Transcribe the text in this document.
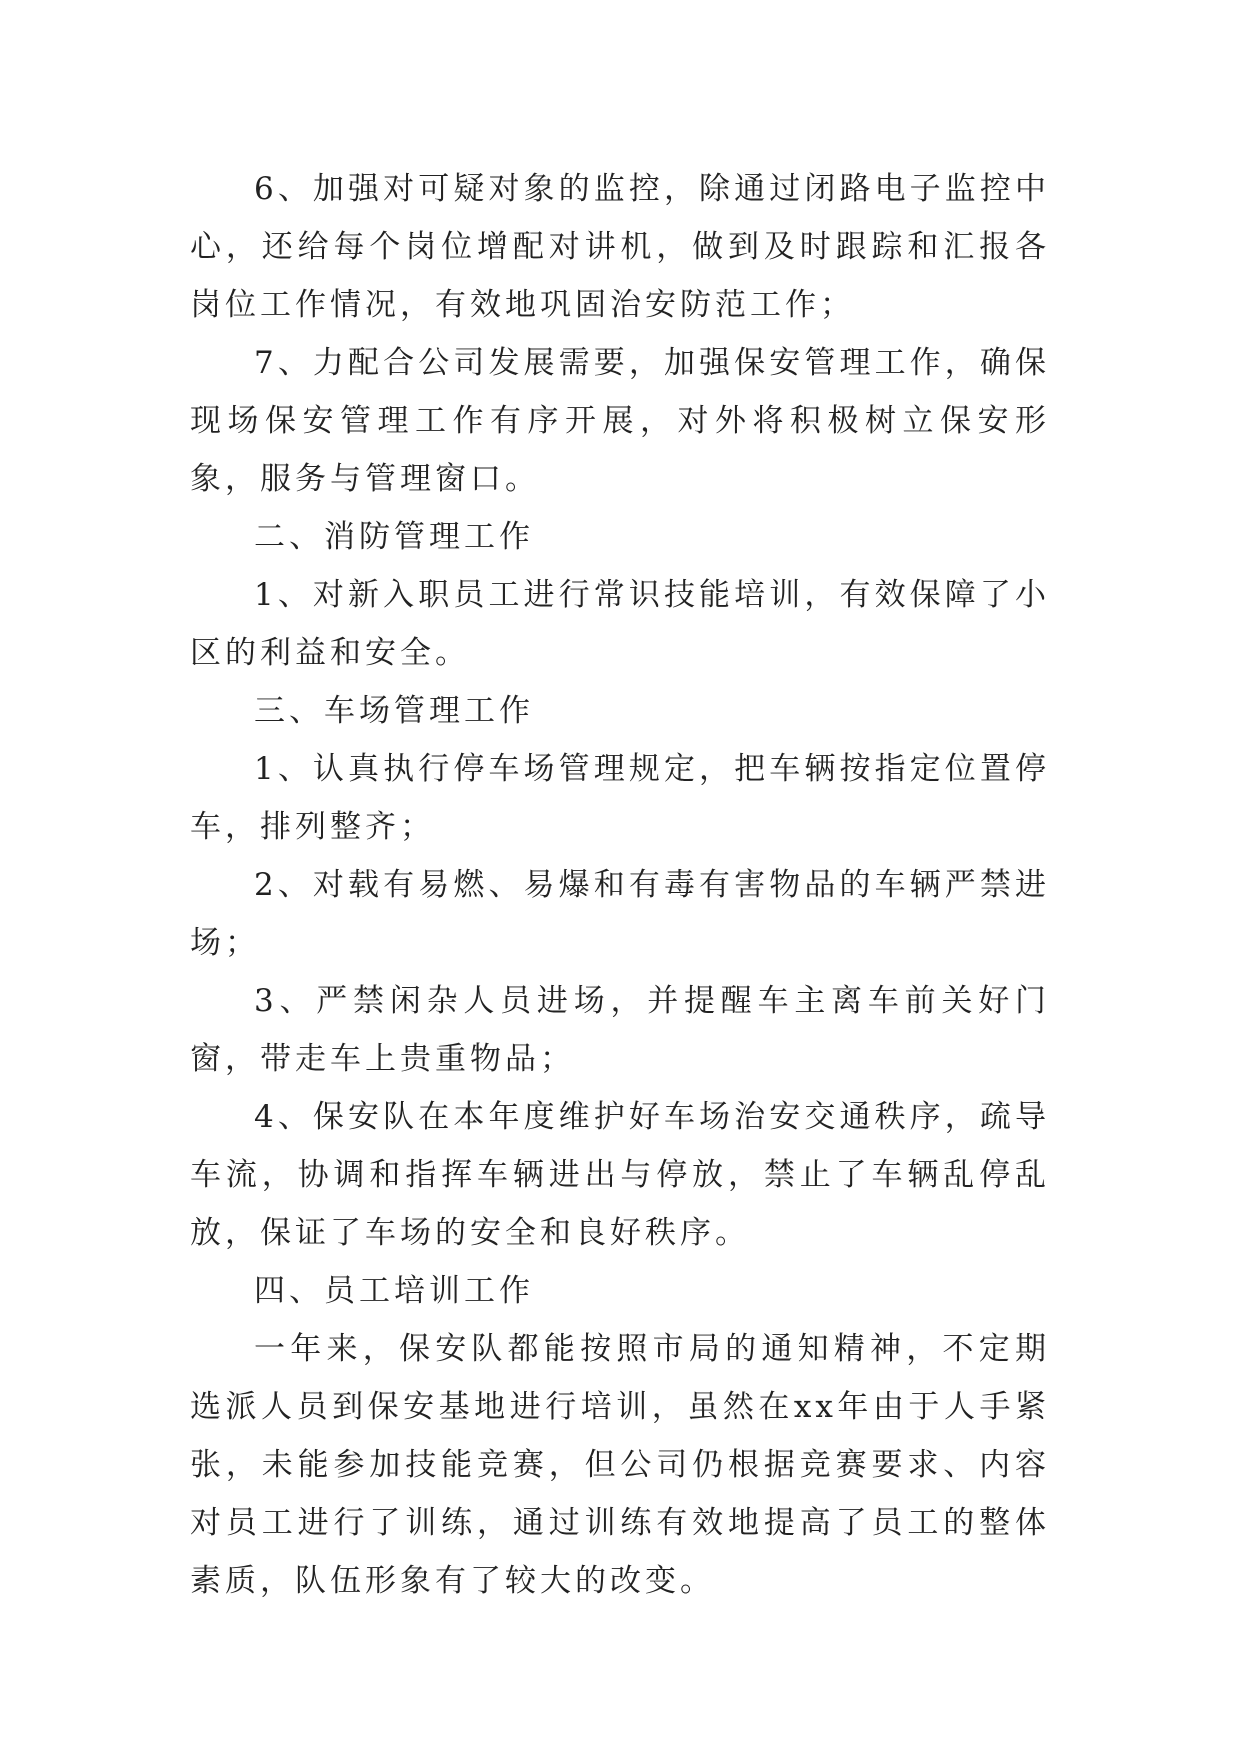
6、加强对可疑对象的监控，除通过闭路电子监控中心，还给每个岗位增配对讲机，做到及时跟踪和汇报各岗位工作情况，有效地巩固治安防范工作；

7、力配合公司发展需要，加强保安管理工作，确保现场保安管理工作有序开展，对外将积极树立保安形象，服务与管理窗口。

二、消防管理工作

1、对新入职员工进行常识技能培训，有效保障了小区的利益和安全。

三、车场管理工作

1、认真执行停车场管理规定，把车辆按指定位置停车，排列整齐；

2、对载有易燃、易爆和有毒有害物品的车辆严禁进场；

3、严禁闲杂人员进场，并提醒车主离车前关好门窗，带走车上贵重物品；

4、保安队在本年度维护好车场治安交通秩序，疏导车流，协调和指挥车辆进出与停放，禁止了车辆乱停乱放，保证了车场的安全和良好秩序。

四、员工培训工作

一年来，保安队都能按照市局的通知精神，不定期选派人员到保安基地进行培训，虽然在xx年由于人手紧张，未能参加技能竞赛，但公司仍根据竞赛要求、内容对员工进行了训练，通过训练有效地提高了员工的整体素质，队伍形象有了较大的改变。
